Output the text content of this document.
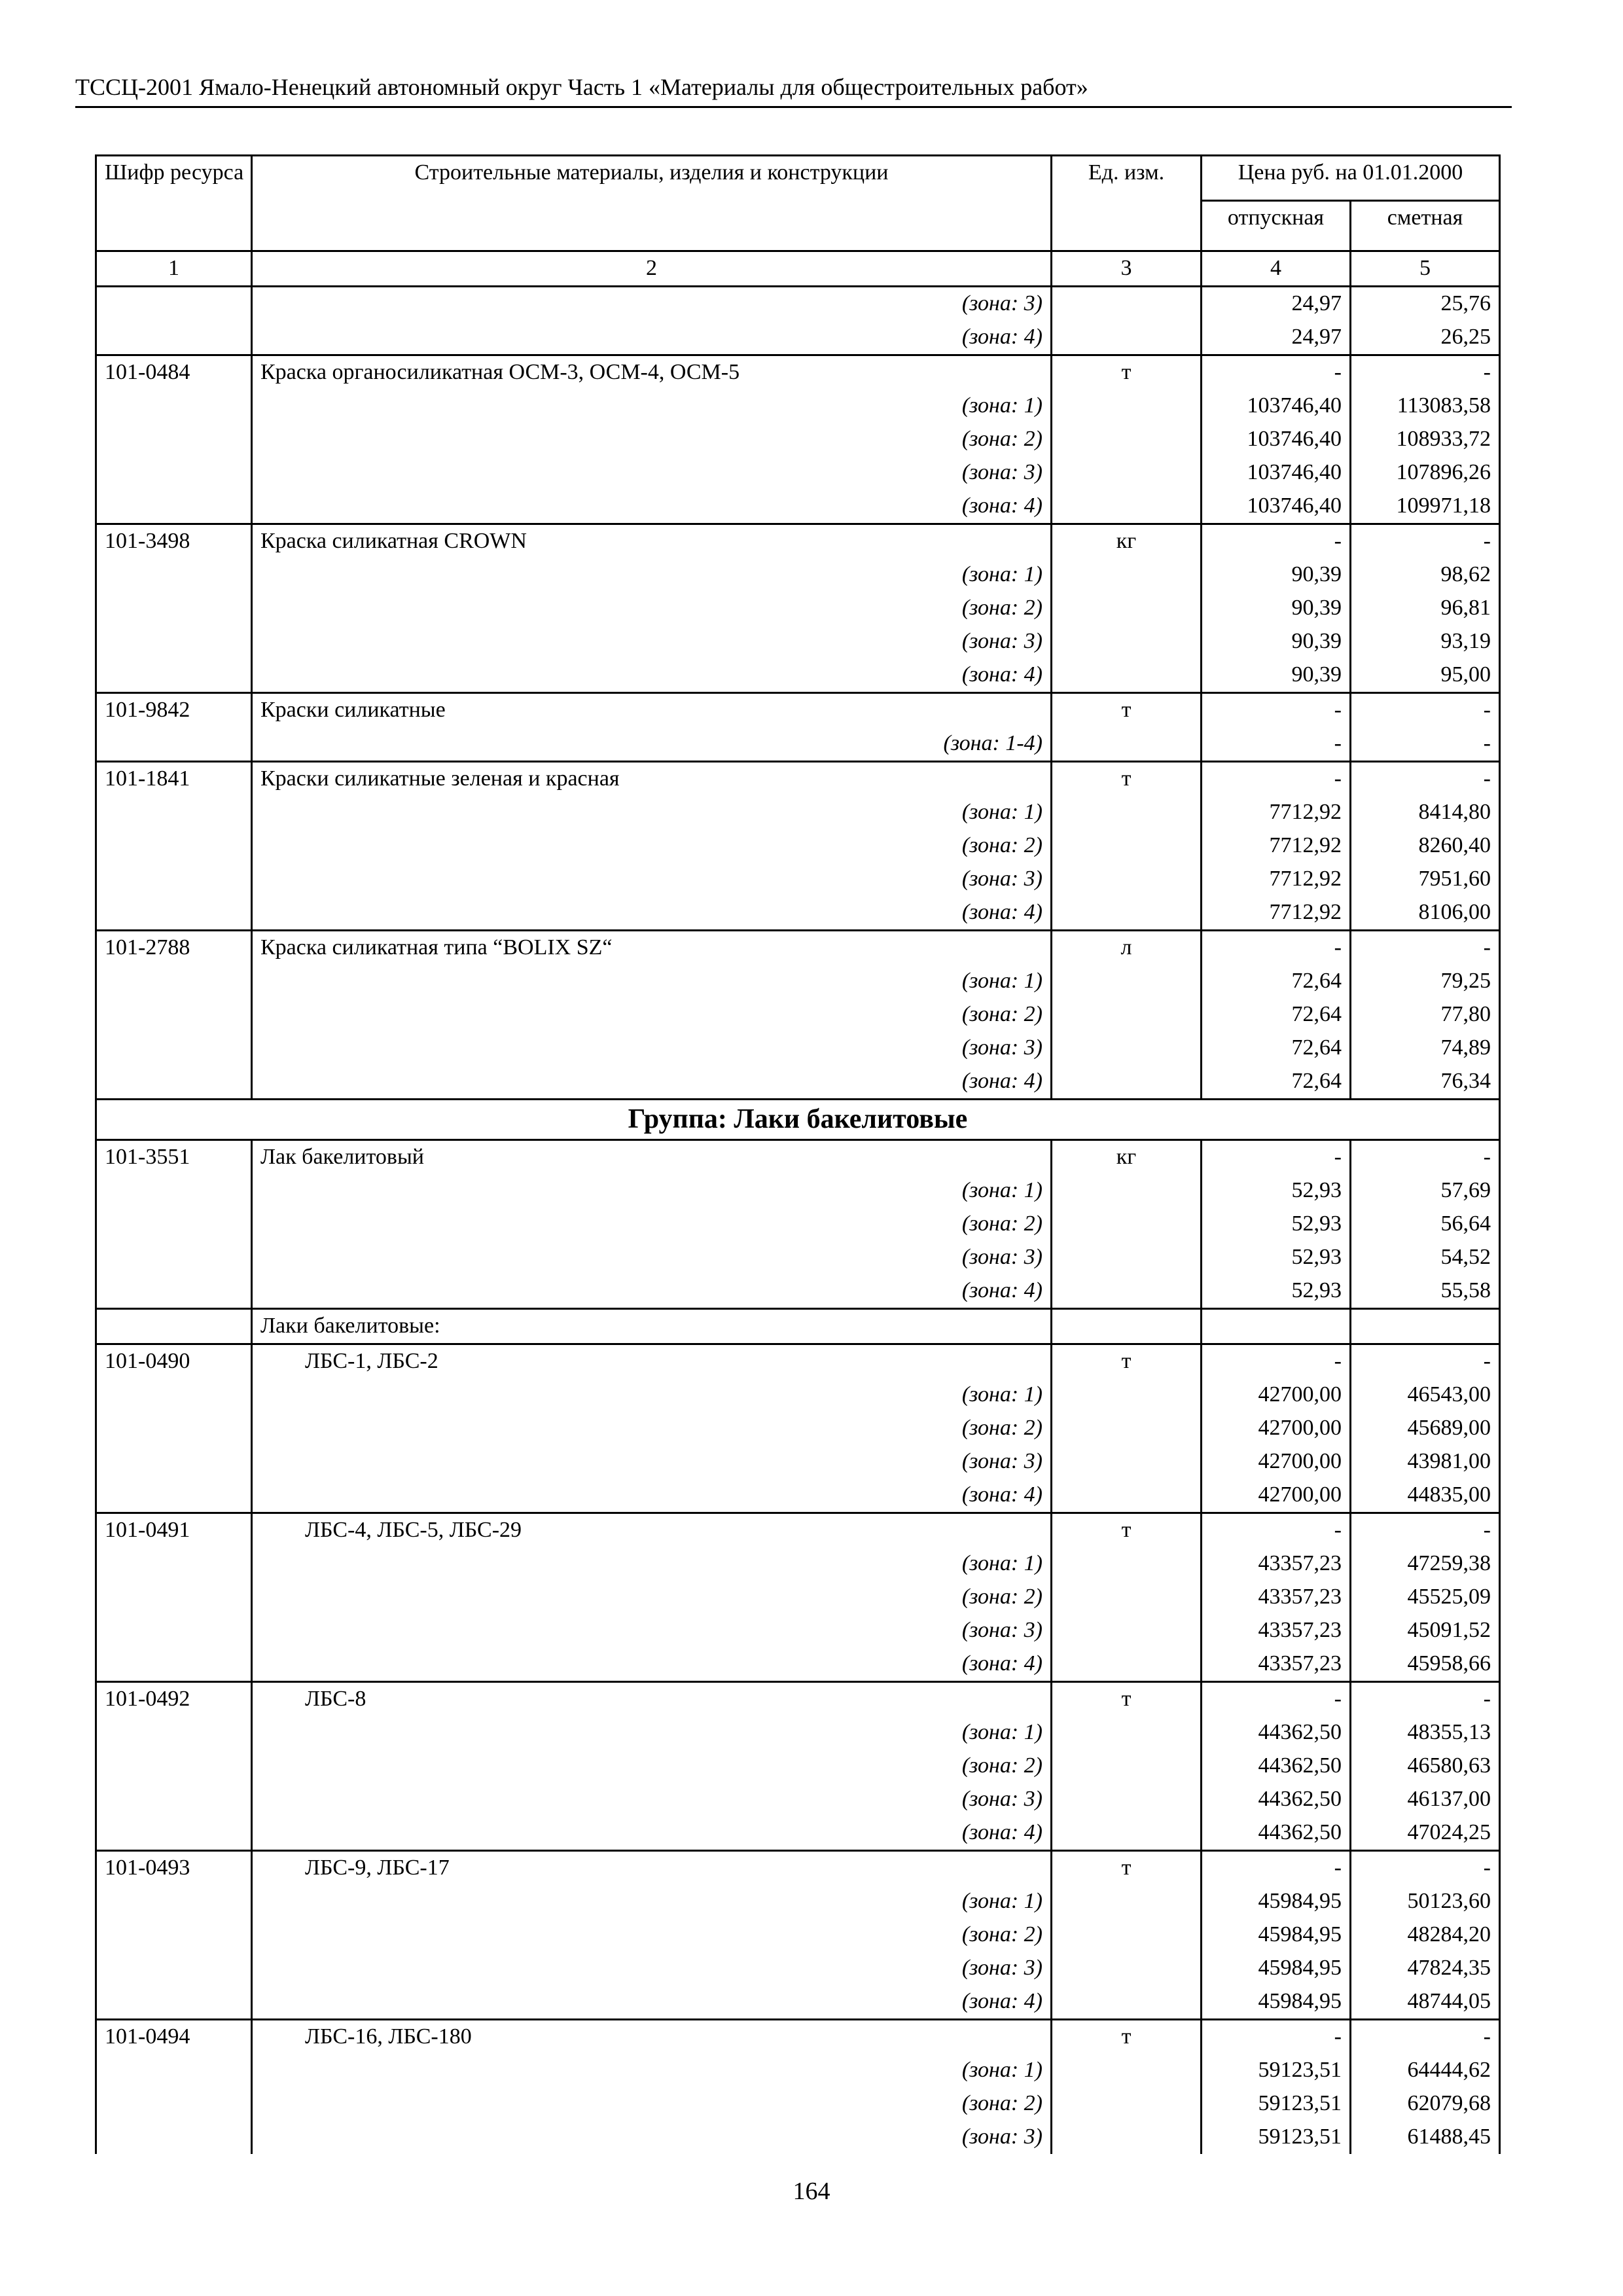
ТССЦ-2001 Ямало-Ненецкий автономный округ Часть 1 «Материалы для общестроительных работ»
Шифр ресурса	Строительные материалы, изделия и конструкции	Ед. изм.	Цена руб. на 01.01.2000	
			отпускная	сметная
1	2	3	4	5
	(зона: 3)		24,97	25,76
	(зона: 4)		24,97	26,25
101-0484	Краска органосиликатная ОСМ-3, ОСМ-4, ОСМ-5	т	-	-
	(зона: 1)		103746,40	113083,58
	(зона: 2)		103746,40	108933,72
	(зона: 3)		103746,40	107896,26
	(зона: 4)		103746,40	109971,18
101-3498	Краска силикатная CROWN	кг	-	-
	(зона: 1)		90,39	98,62
	(зона: 2)		90,39	96,81
	(зона: 3)		90,39	93,19
	(зона: 4)		90,39	95,00
101-9842	Краски силикатные	т	-	-
	(зона: 1-4)		-	-
101-1841	Краски силикатные зеленая и красная	т	-	-
	(зона: 1)		7712,92	8414,80
	(зона: 2)		7712,92	8260,40
	(зона: 3)		7712,92	7951,60
	(зона: 4)		7712,92	8106,00
101-2788	Краска силикатная типа “BOLIX SZ“	л	-	-
	(зона: 1)		72,64	79,25
	(зона: 2)		72,64	77,80
	(зона: 3)		72,64	74,89
	(зона: 4)		72,64	76,34
Группа: Лаки бакелитовые				
101-3551	Лак бакелитовый	кг	-	-
	(зона: 1)		52,93	57,69
	(зона: 2)		52,93	56,64
	(зона: 3)		52,93	54,52
	(зона: 4)		52,93	55,58
	Лаки бакелитовые:			
101-0490	ЛБС-1, ЛБС-2	т	-	-
	(зона: 1)		42700,00	46543,00
	(зона: 2)		42700,00	45689,00
	(зона: 3)		42700,00	43981,00
	(зона: 4)		42700,00	44835,00
101-0491	ЛБС-4, ЛБС-5, ЛБС-29	т	-	-
	(зона: 1)		43357,23	47259,38
	(зона: 2)		43357,23	45525,09
	(зона: 3)		43357,23	45091,52
	(зона: 4)		43357,23	45958,66
101-0492	ЛБС-8	т	-	-
	(зона: 1)		44362,50	48355,13
	(зона: 2)		44362,50	46580,63
	(зона: 3)		44362,50	46137,00
	(зона: 4)		44362,50	47024,25
101-0493	ЛБС-9, ЛБС-17	т	-	-
	(зона: 1)		45984,95	50123,60
	(зона: 2)		45984,95	48284,20
	(зона: 3)		45984,95	47824,35
	(зона: 4)		45984,95	48744,05
101-0494	ЛБС-16, ЛБС-180	т	-	-
	(зона: 1)		59123,51	64444,62
	(зона: 2)		59123,51	62079,68
	(зона: 3)		59123,51	61488,45
164
